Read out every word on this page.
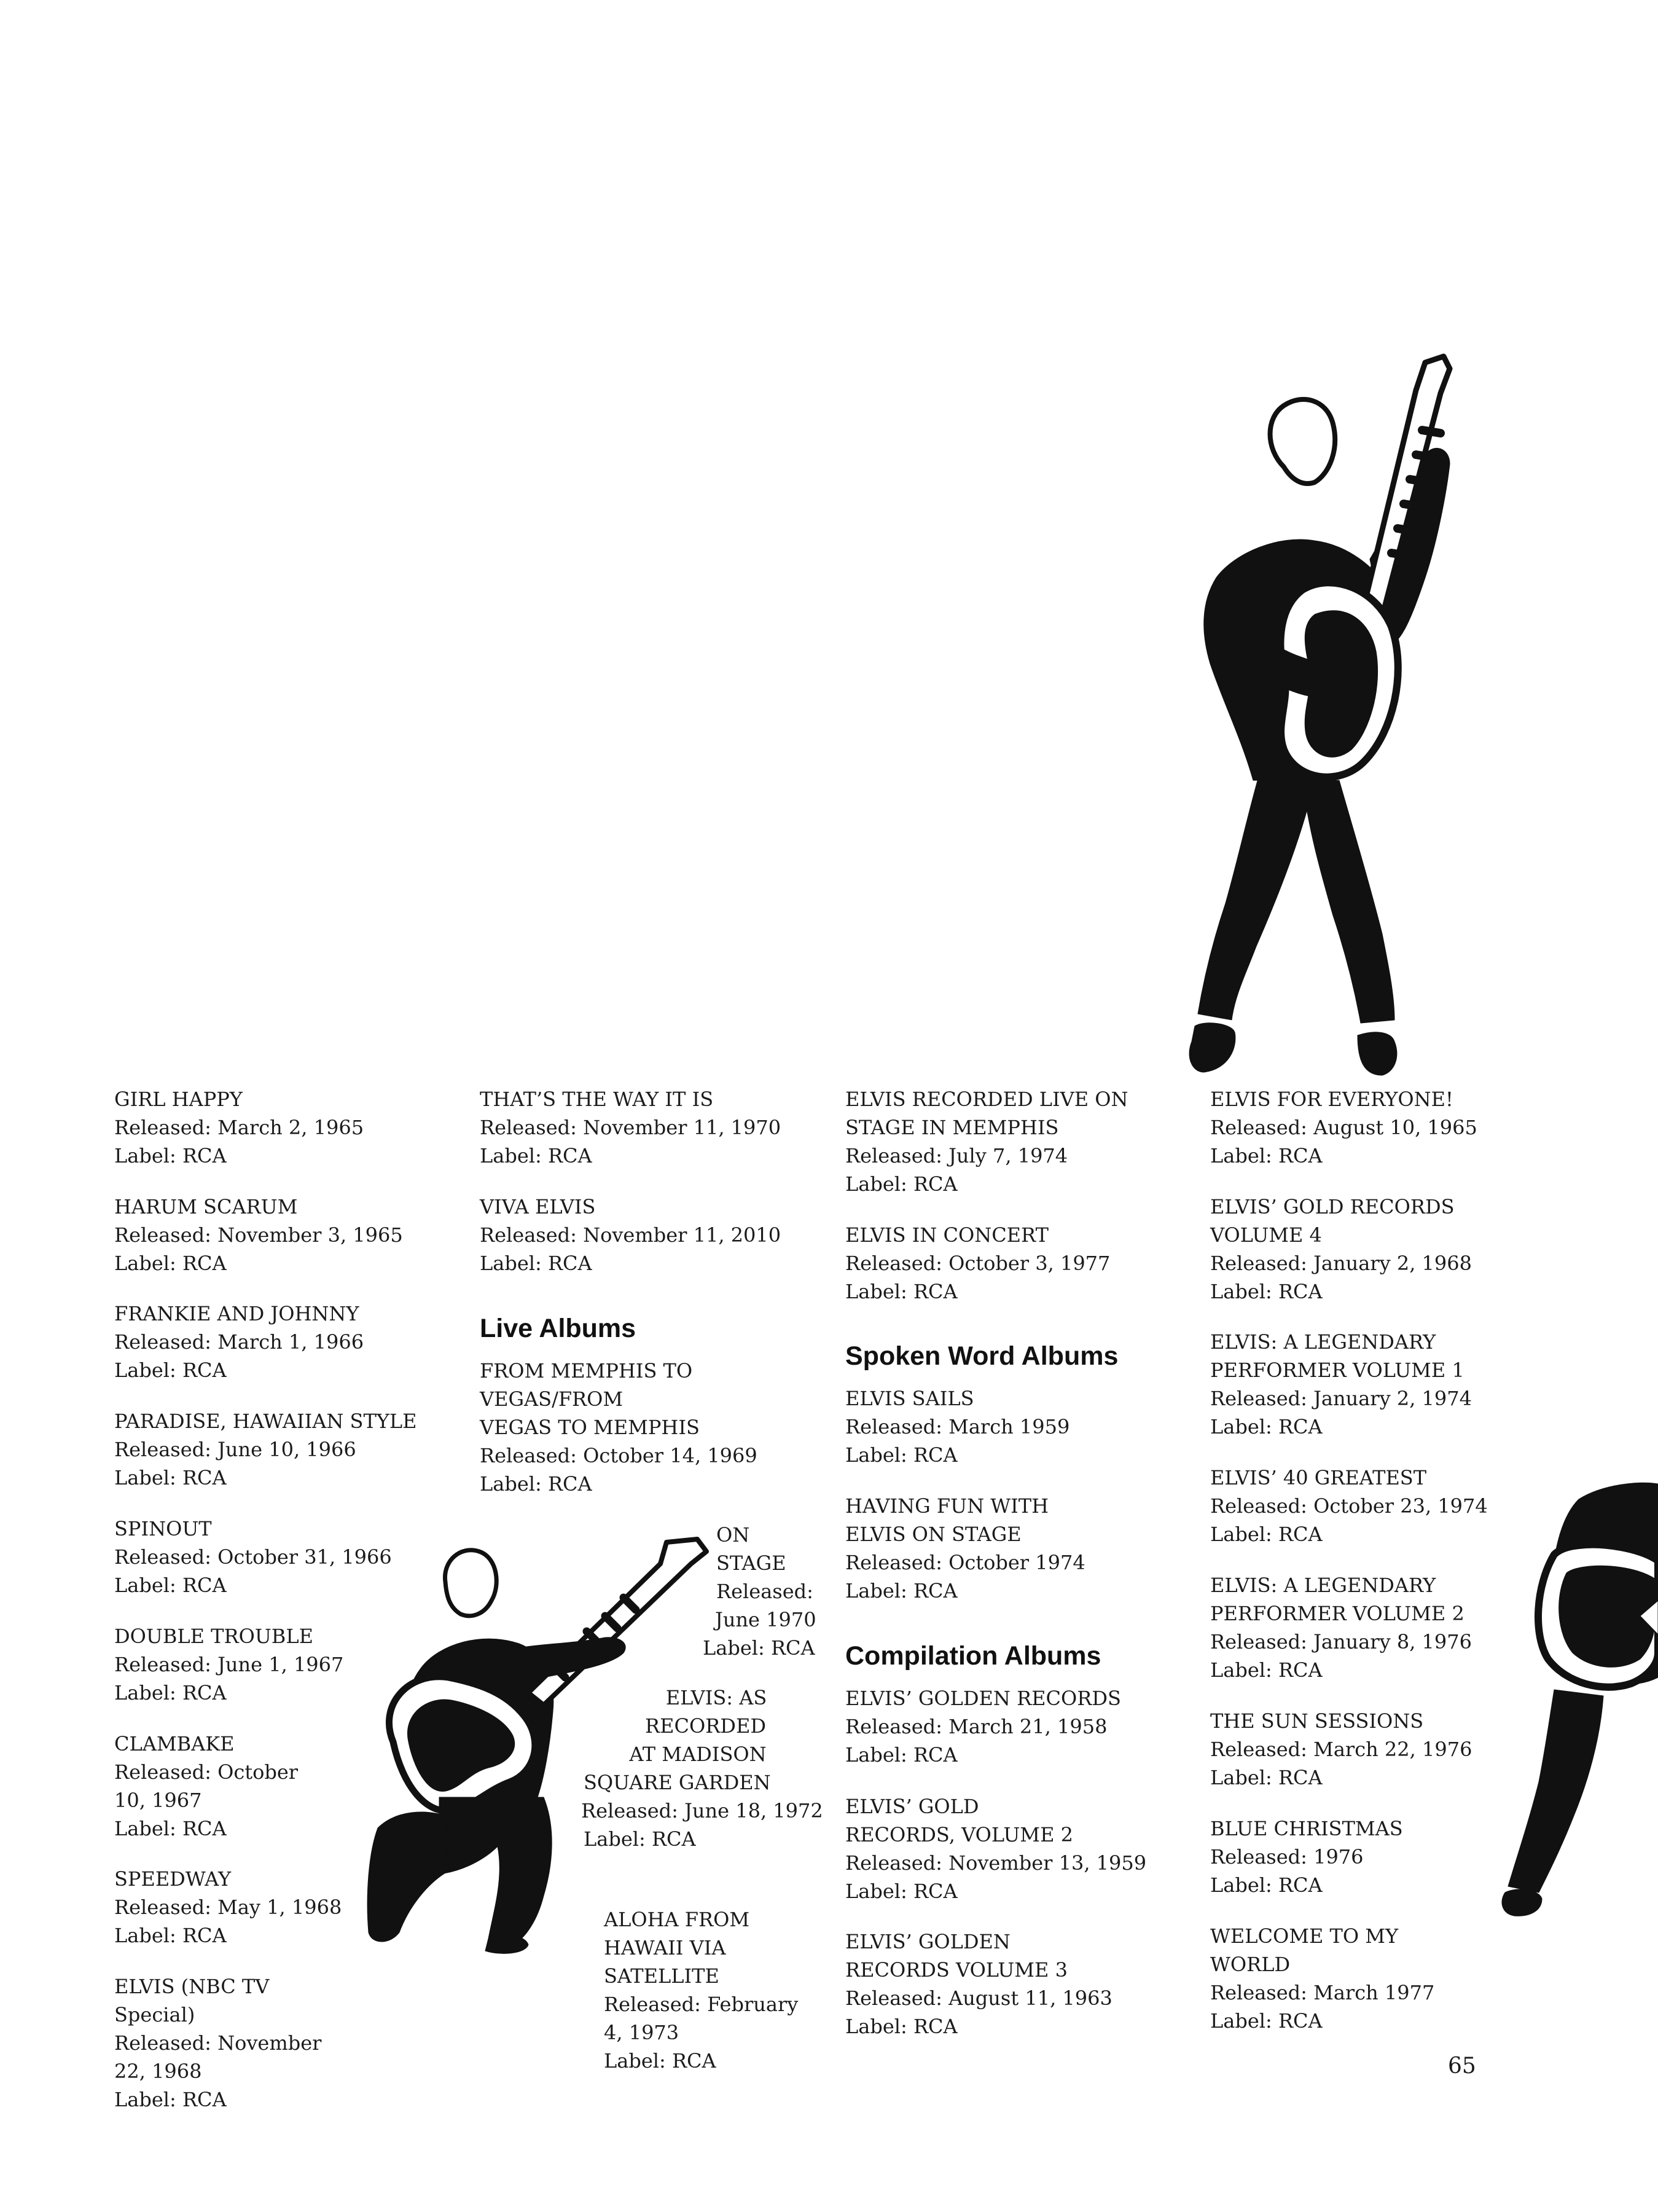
GIRL HAPPY
Released: March 2, 1965
Label: RCA
HARUM SCARUM
Released: November 3, 1965
Label: RCA
FRANKIE AND JOHNNY
Released: March 1, 1966
Label: RCA
PARADISE, HAWAIIAN STYLE
Released: June 10, 1966
Label: RCA
SPINOUT
Released: October 31, 1966
Label: RCA
DOUBLE TROUBLE
Released: June 1, 1967
Label: RCA
CLAMBAKE
Released: October
10, 1967
Label: RCA
SPEEDWAY
Released: May 1, 1968
Label: RCA
ELVIS (NBC TV
Special)
Released: November
22, 1968
Label: RCA
THAT’S THE WAY IT IS
Released: November 11, 1970
Label: RCA
VIVA ELVIS
Released: November 11, 2010
Label: RCA
Live Albums
FROM MEMPHIS TO
VEGAS/FROM
VEGAS TO MEMPHIS
Released: October 14, 1969
Label: RCA
ON
STAGE
Released:
June 1970
Label: RCA
ELVIS: AS
RECORDED
AT MADISON
SQUARE GARDEN
Released: June 18, 1972
Label: RCA
ALOHA FROM
HAWAII VIA
SATELLITE
Released: February
4, 1973
Label: RCA
ELVIS RECORDED LIVE ON
STAGE IN MEMPHIS
Released: July 7, 1974
Label: RCA
ELVIS IN CONCERT
Released: October 3, 1977
Label: RCA
Spoken Word Albums
ELVIS SAILS
Released: March 1959
Label: RCA
HAVING FUN WITH
ELVIS ON STAGE
Released: October 1974
Label: RCA
Compilation Albums
ELVIS’ GOLDEN RECORDS
Released: March 21, 1958
Label: RCA
ELVIS’ GOLD
RECORDS, VOLUME 2
Released: November 13, 1959
Label: RCA
ELVIS’ GOLDEN
RECORDS VOLUME 3
Released: August 11, 1963
Label: RCA
ELVIS FOR EVERYONE!
Released: August 10, 1965
Label: RCA
ELVIS’ GOLD RECORDS
VOLUME 4
Released: January 2, 1968
Label: RCA
ELVIS: A LEGENDARY
PERFORMER VOLUME 1
Released: January 2, 1974
Label: RCA
ELVIS’ 40 GREATEST
Released: October 23, 1974
Label: RCA
ELVIS: A LEGENDARY
PERFORMER VOLUME 2
Released: January 8, 1976
Label: RCA
THE SUN SESSIONS
Released: March 22, 1976
Label: RCA
BLUE CHRISTMAS
Released: 1976
Label: RCA
WELCOME TO MY
WORLD
Released: March 1977
Label: RCA
65
